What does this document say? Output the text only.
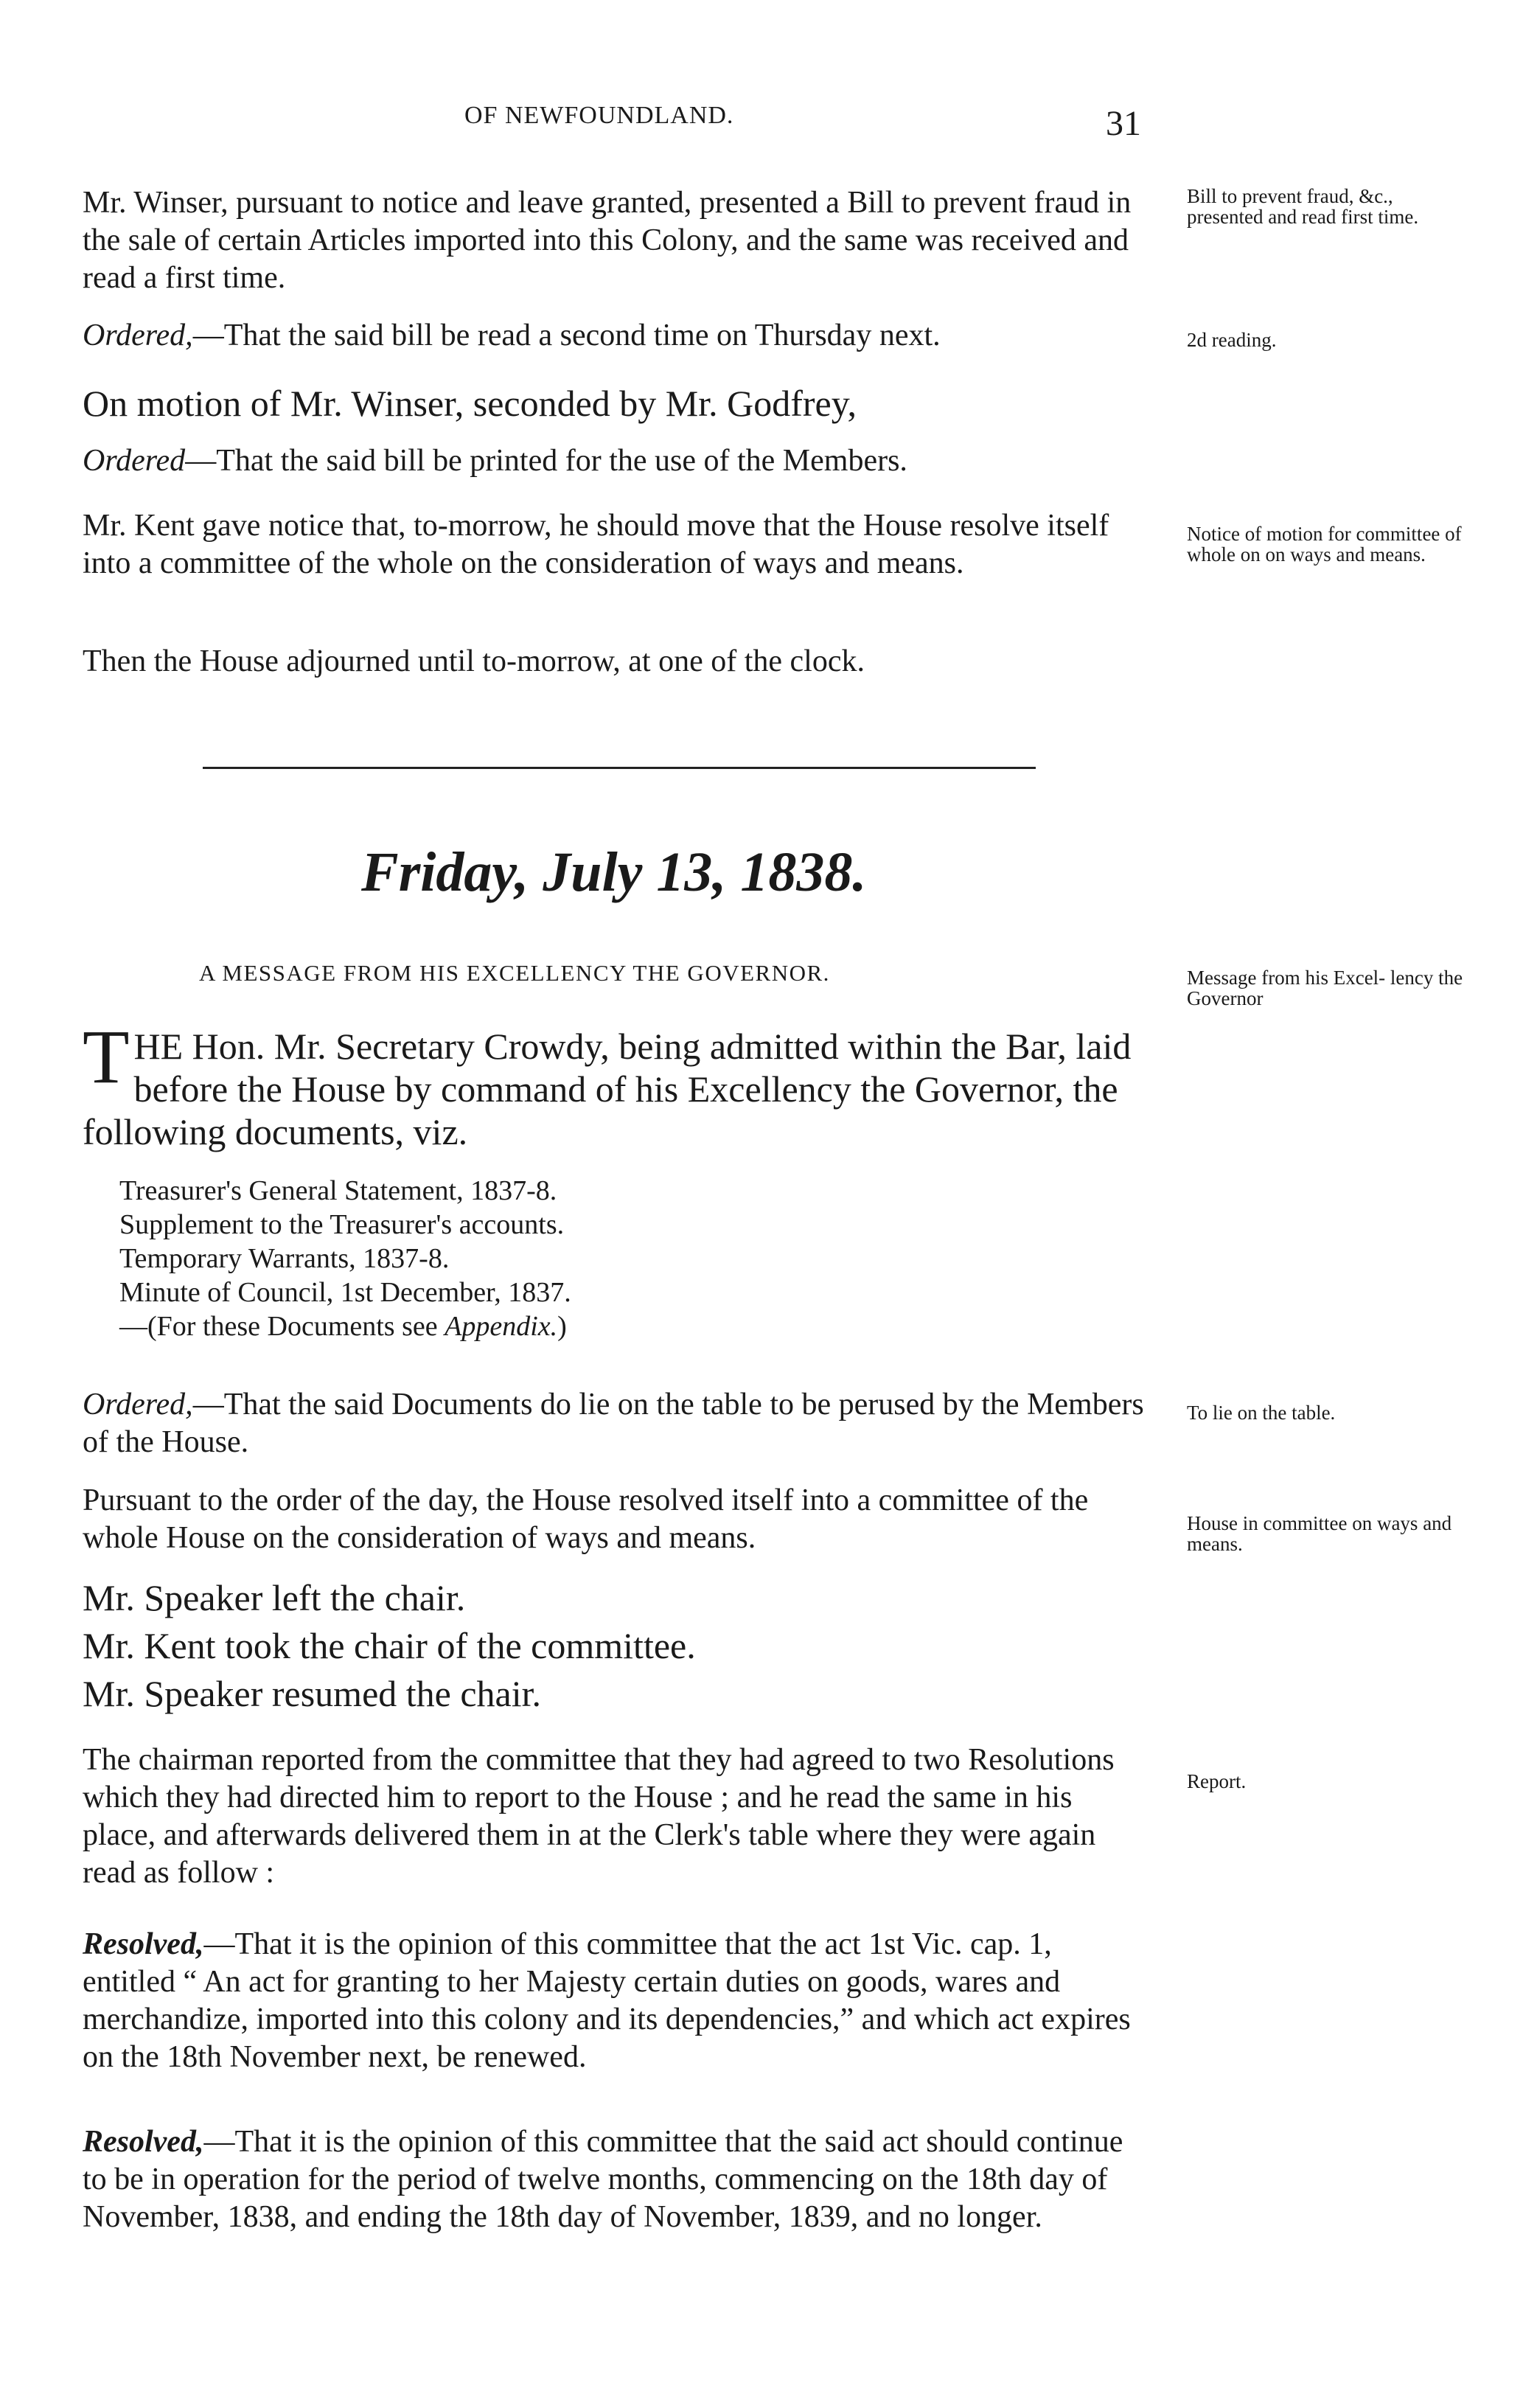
OF NEWFOUNDLAND.	31
Mr. Winser, pursuant to notice and leave granted, presented a Bill to prevent fraud in the sale of certain Articles imported into this Colony, and the same was received and read a first time.
Bill to prevent fraud, &c., presented and read first time.
Ordered,—That the said bill be read a second time on Thursday next.	2d reading.
On motion of Mr. Winser, seconded by Mr. Godfrey,
Ordered—That the said bill be printed for the use of the Members.
Mr. Kent gave notice that, to-morrow, he should move that the House resolve itself into a committee of the whole on the consideration of ways and means.
Notice of motion for committee of whole on on ways and means.
Then the House adjourned until to-morrow, at one of the clock.
Friday, July 13, 1838.
A MESSAGE FROM HIS EXCELLENCY THE GOVERNOR.	Message from his Excel- lency the Governor
THE Hon. Mr. Secretary Crowdy, being admitted within the Bar, laid before the House by command of his Excellency the Governor, the following documents, viz.
Treasurer's General Statement, 1837-8.
Supplement to the Treasurer's accounts.
Temporary Warrants, 1837-8.
Minute of Council, 1st December, 1837.
—(For these Documents see Appendix.)
Ordered,—That the said Documents do lie on the table to be perused by the Members of the House.
To lie on the table.
Pursuant to the order of the day, the House resolved itself into a committee of the whole House on the consideration of ways and means.	House in committee on ways and means.
Mr. Speaker left the chair.
Mr. Kent took the chair of the committee.
Mr. Speaker resumed the chair.
The chairman reported from the committee that they had agreed to two Resolutions which they had directed him to report to the House ; and he read the same in his place, and afterwards delivered them in at the Clerk's table where they were again read as follow :
Report.
Resolved,—That it is the opinion of this committee that the act 1st Vic. cap. 1, entitled “ An act for granting to her Majesty certain duties on goods, wares and merchandize, imported into this colony and its dependencies,” and which act expires on the 18th November next, be renewed.
Resolved,—That it is the opinion of this committee that the said act should continue to be in operation for the period of twelve months, commencing on the 18th day of November, 1838, and ending the 18th day of November, 1839, and no longer.
